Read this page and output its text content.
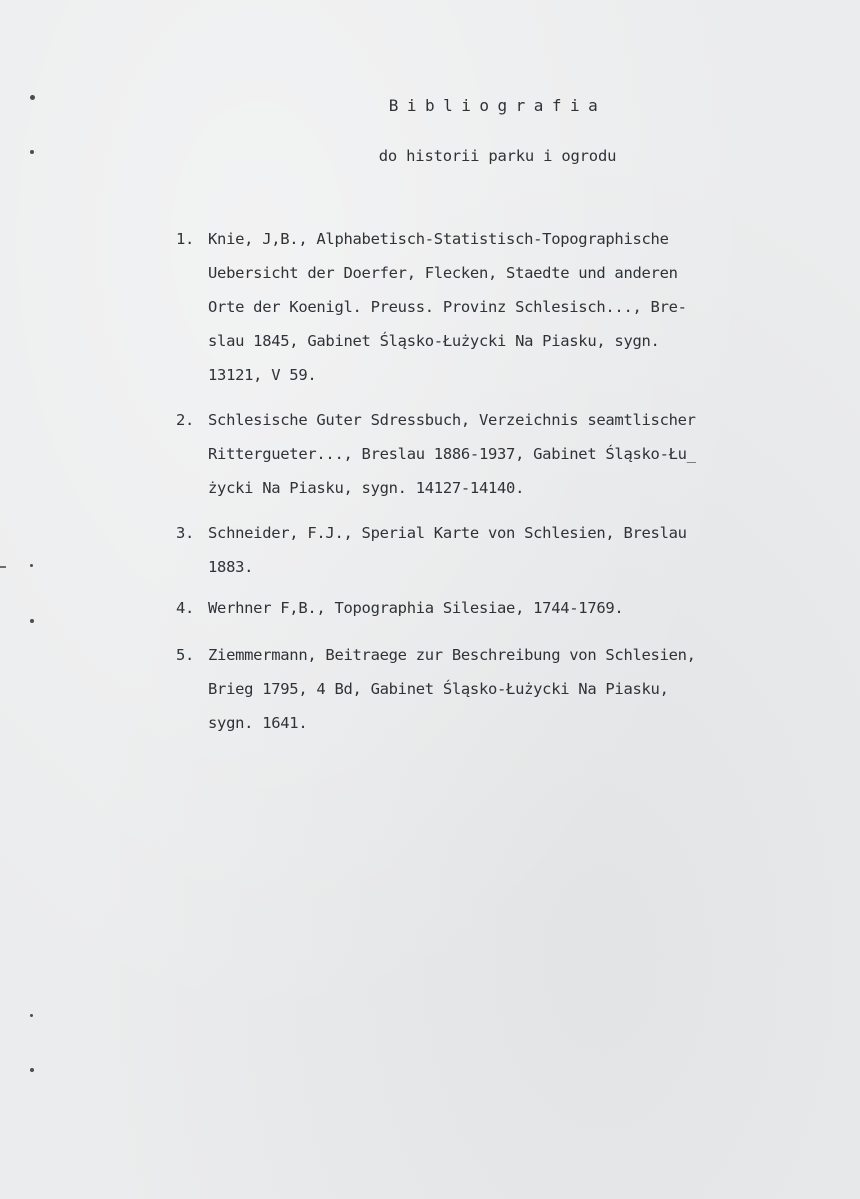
Bibliografia
do historii parku i ogrodu
1. Knie, J,B., Alphabetisch-Statistisch-Topographische
Uebersicht der Doerfer, Flecken, Staedte und anderen
Orte der Koenigl. Preuss. Provinz Schlesisch..., Bre-
slau 1845, Gabinet Śląsko-Łużycki Na Piasku, sygn.
13121, V 59.
2. Schlesische Guter Sdressbuch, Verzeichnis seamtlischer
Rittergueter..., Breslau 1886-1937, Gabinet Śląsko-Łu_
życki Na Piasku, sygn. 14127-14140.
3. Schneider, F.J., Sperial Karte von Schlesien, Breslau
1883.
4. Werhner F,B., Topographia Silesiae, 1744-1769.
5. Ziemmermann, Beitraege zur Beschreibung von Schlesien,
Brieg 1795, 4 Bd, Gabinet Śląsko-Łużycki Na Piasku,
sygn. 1641.
